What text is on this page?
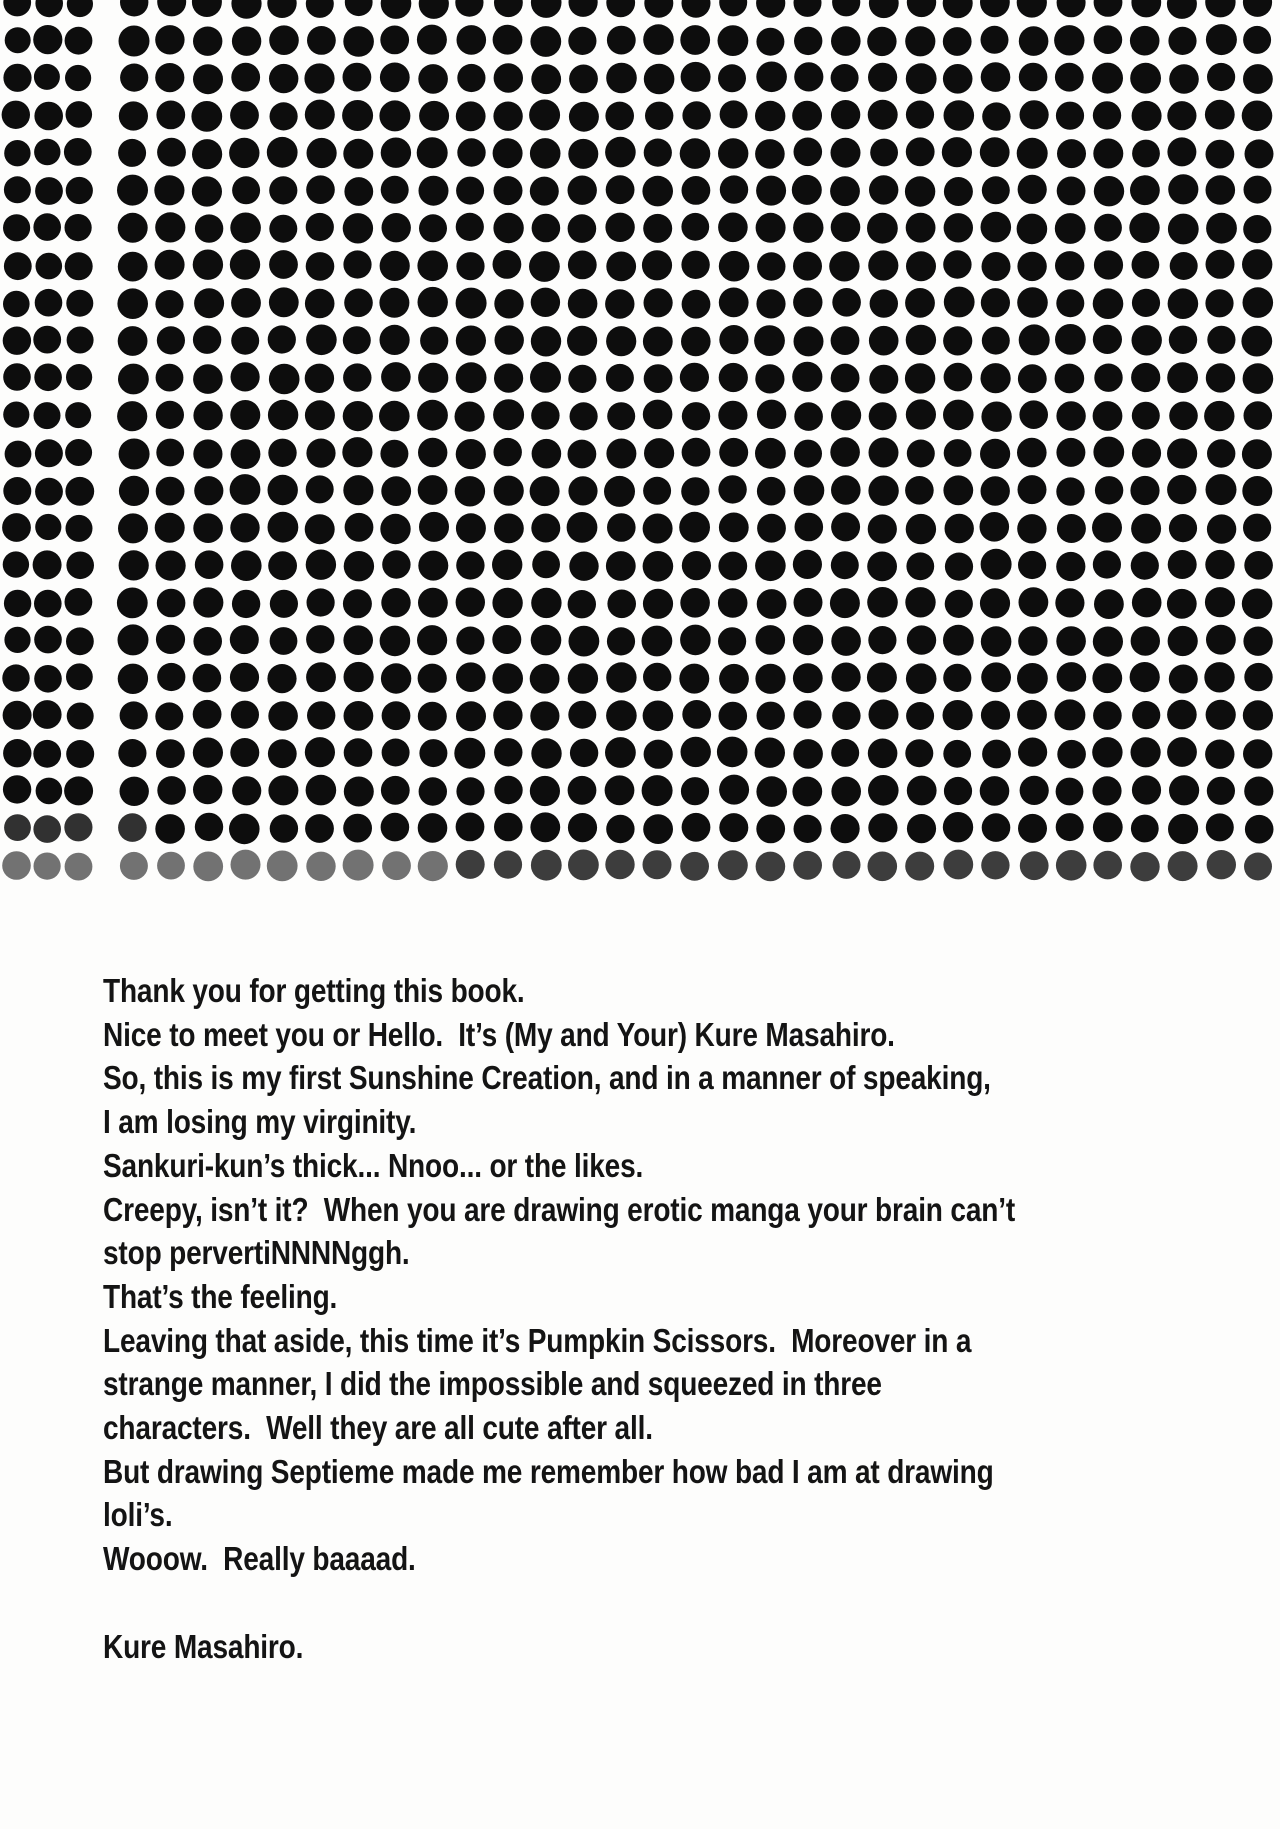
Thank you for getting this book.
Nice to meet you or Hello.  It’s (My and Your) Kure Masahiro.
So, this is my first Sunshine Creation, and in a manner of speaking,
I am losing my virginity.
Sankuri-kun’s thick... Nnoo... or the likes.
Creepy, isn’t it?  When you are drawing erotic manga your brain can’t
stop pervertiNNNNggh.
That’s the feeling.
Leaving that aside, this time it’s Pumpkin Scissors.  Moreover in a
strange manner, I did the impossible and squeezed in three
characters.  Well they are all cute after all.
But drawing Septieme made me remember how bad I am at drawing
loli’s.
Wooow.  Really baaaad.
Kure Masahiro.
